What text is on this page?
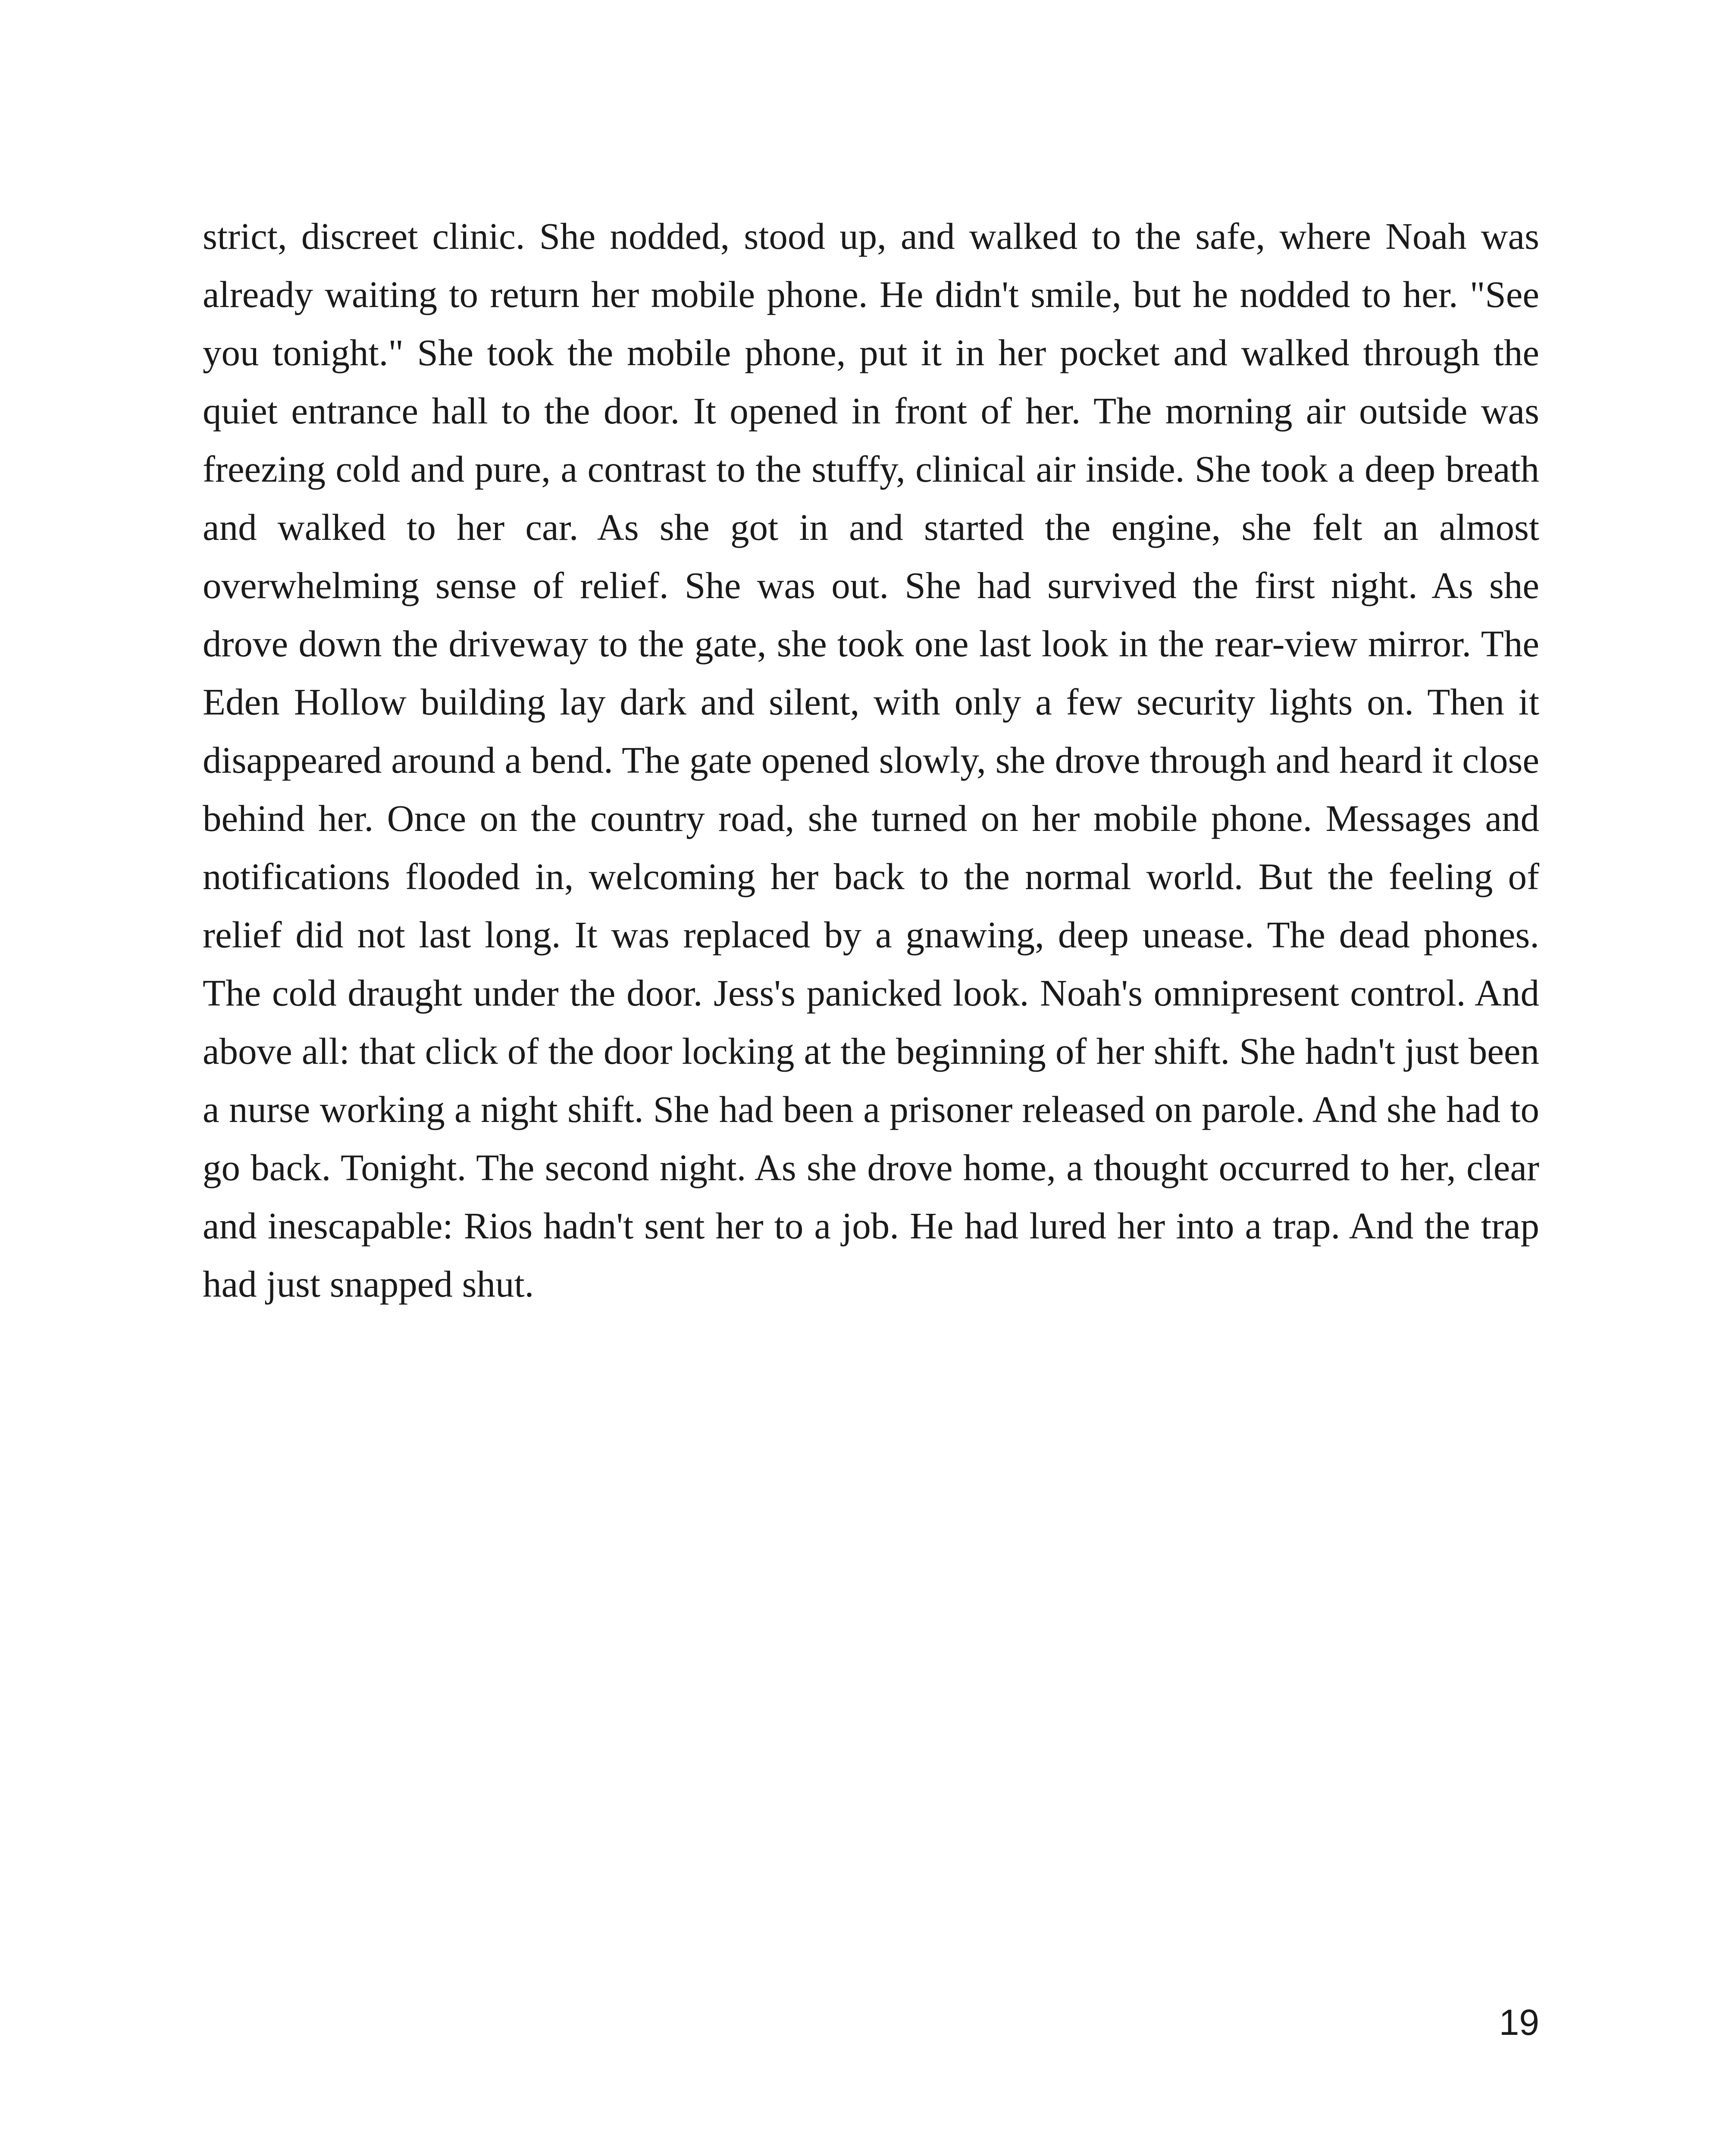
strict, discreet clinic. She nodded, stood up, and walked to the safe, where Noah was already waiting to return her mobile phone. He didn't smile, but he nodded to her. "See you tonight." She took the mobile phone, put it in her pocket and walked through the quiet entrance hall to the door. It opened in front of her. The morning air outside was freezing cold and pure, a contrast to the stuffy, clinical air inside. She took a deep breath and walked to her car. As she got in and started the engine, she felt an almost overwhelming sense of relief. She was out. She had survived the first night. As she drove down the driveway to the gate, she took one last look in the rear-view mirror. The Eden Hollow building lay dark and silent, with only a few security lights on. Then it disappeared around a bend. The gate opened slowly, she drove through and heard it close behind her. Once on the country road, she turned on her mobile phone. Messages and notifications flooded in, welcoming her back to the normal world. But the feeling of relief did not last long. It was replaced by a gnawing, deep unease. The dead phones. The cold draught under the door. Jess's panicked look. Noah's omnipresent control. And above all: that click of the door locking at the beginning of her shift. She hadn't just been a nurse working a night shift. She had been a prisoner released on parole. And she had to go back. Tonight. The second night. As she drove home, a thought occurred to her, clear and inescapable: Rios hadn't sent her to a job. He had lured her into a trap. And the trap had just snapped shut.

19
